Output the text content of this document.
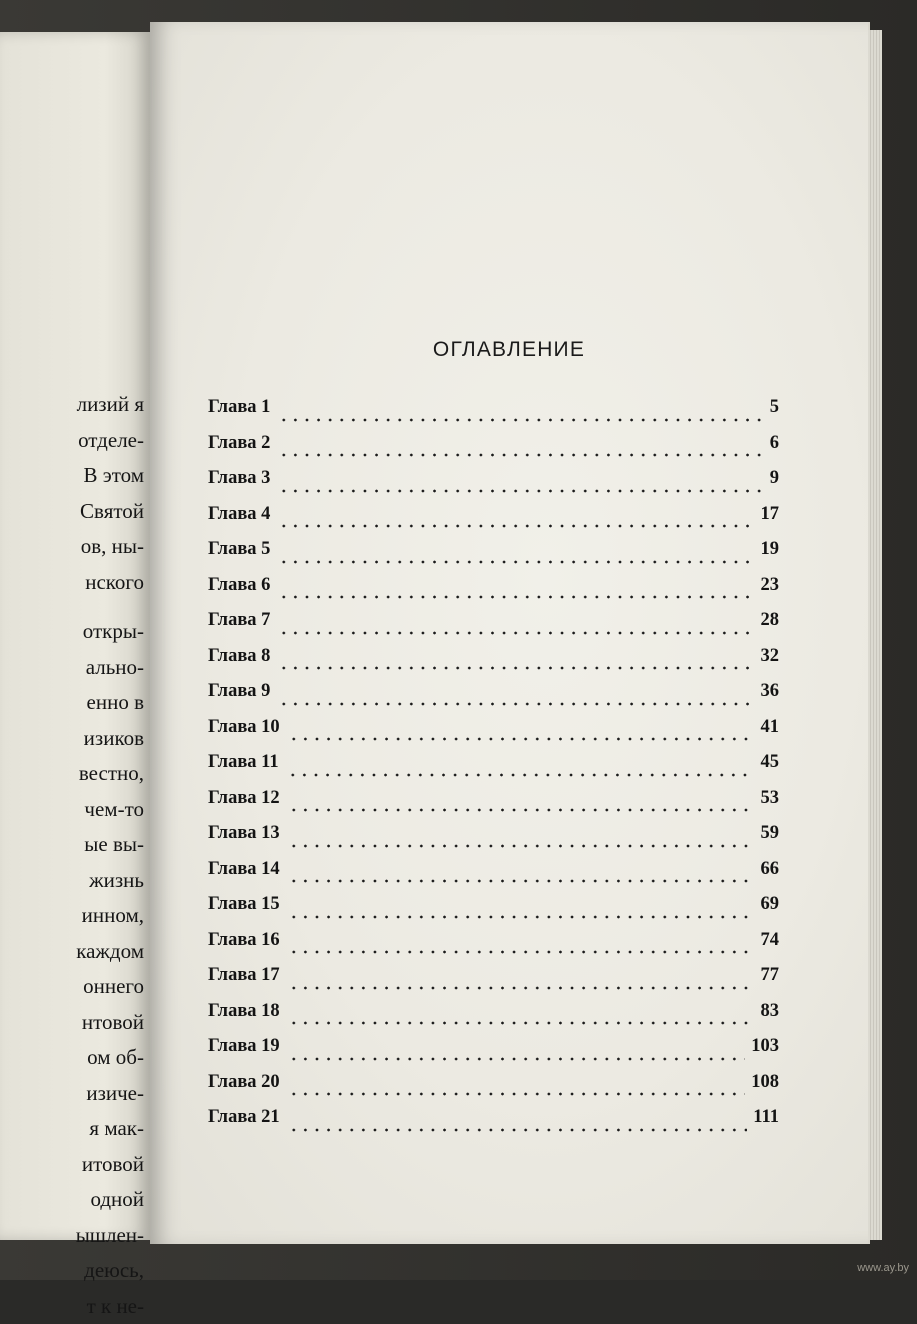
лизий я
отделе-
В этом
Святой
ов, ны-
нского
откры-
ально-
енно в
изиков
вестно,
чем-то
ые вы-
жизнь
инном,
каждом
оннего
нтовой
ом об-
изиче-
я мак-
итовой
одной
ышлен-
деюсь,
т к не-
ОГЛАВЛЕНИЕ
Глава 1	5
Глава 2	6
Глава 3	9
Глава 4	17
Глава 5	19
Глава 6	23
Глава 7	28
Глава 8	32
Глава 9	36
Глава 10	41
Глава 11	45
Глава 12	53
Глава 13	59
Глава 14	66
Глава 15	69
Глава 16	74
Глава 17	77
Глава 18	83
Глава 19	103
Глава 20	108
Глава 21	111
www.ay.by
